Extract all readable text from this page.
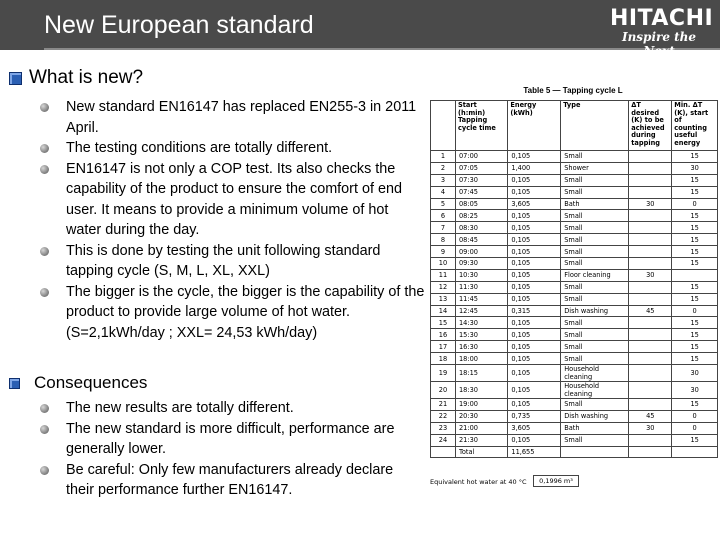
New European standard	HITACHI
Inspire the Next
What is new?
New standard EN16147 has replaced EN255-3 in 2011 April.
The testing conditions are totally different.
EN16147 is not only a COP test. Its also checks the capability of the product to ensure the comfort of end user. It means to provide a minimum volume of hot water during the day.
This is done by testing the unit following standard tapping cycle (S, M, L, XL, XXL)
The bigger is the cycle, the bigger is the capability of the product to provide large volume of hot water. (S=2,1kWh/day ; XXL= 24,53 kWh/day)
Consequences
The new results are totally different.
The new standard is more difficult, performance are generally lower.
Be careful: Only few manufacturers already declare their performance further EN16147.
Table 5 — Tapping cycle L
	Start (h:min) Tapping cycle time	Energy (kWh)	Type	ΔT desired (K) to be achieved during tapping	Min. ΔT (K), start of counting useful energy
1	07:00	0,105	Small		15
2	07:05	1,400	Shower		30
3	07:30	0,105	Small		15
4	07:45	0,105	Small		15
5	08:05	3,605	Bath	30	0
6	08:25	0,105	Small		15
7	08:30	0,105	Small		15
8	08:45	0,105	Small		15
9	09:00	0,105	Small		15
10	09:30	0,105	Small		15
11	10:30	0,105	Floor cleaning	30	
12	11:30	0,105	Small		15
13	11:45	0,105	Small		15
14	12:45	0,315	Dish washing	45	0
15	14:30	0,105	Small		15
16	15:30	0,105	Small		15
17	16:30	0,105	Small		15
18	18:00	0,105	Small		15
19	18:15	0,105	Household cleaning		30
20	18:30	0,105	Household cleaning		30
21	19:00	0,105	Small		15
22	20:30	0,735	Dish washing	45	0
23	21:00	3,605	Bath	30	0
24	21:30	0,105	Small		15
	Total	11,655			
Equivalent hot water at 40 °C	0,1996 m³
